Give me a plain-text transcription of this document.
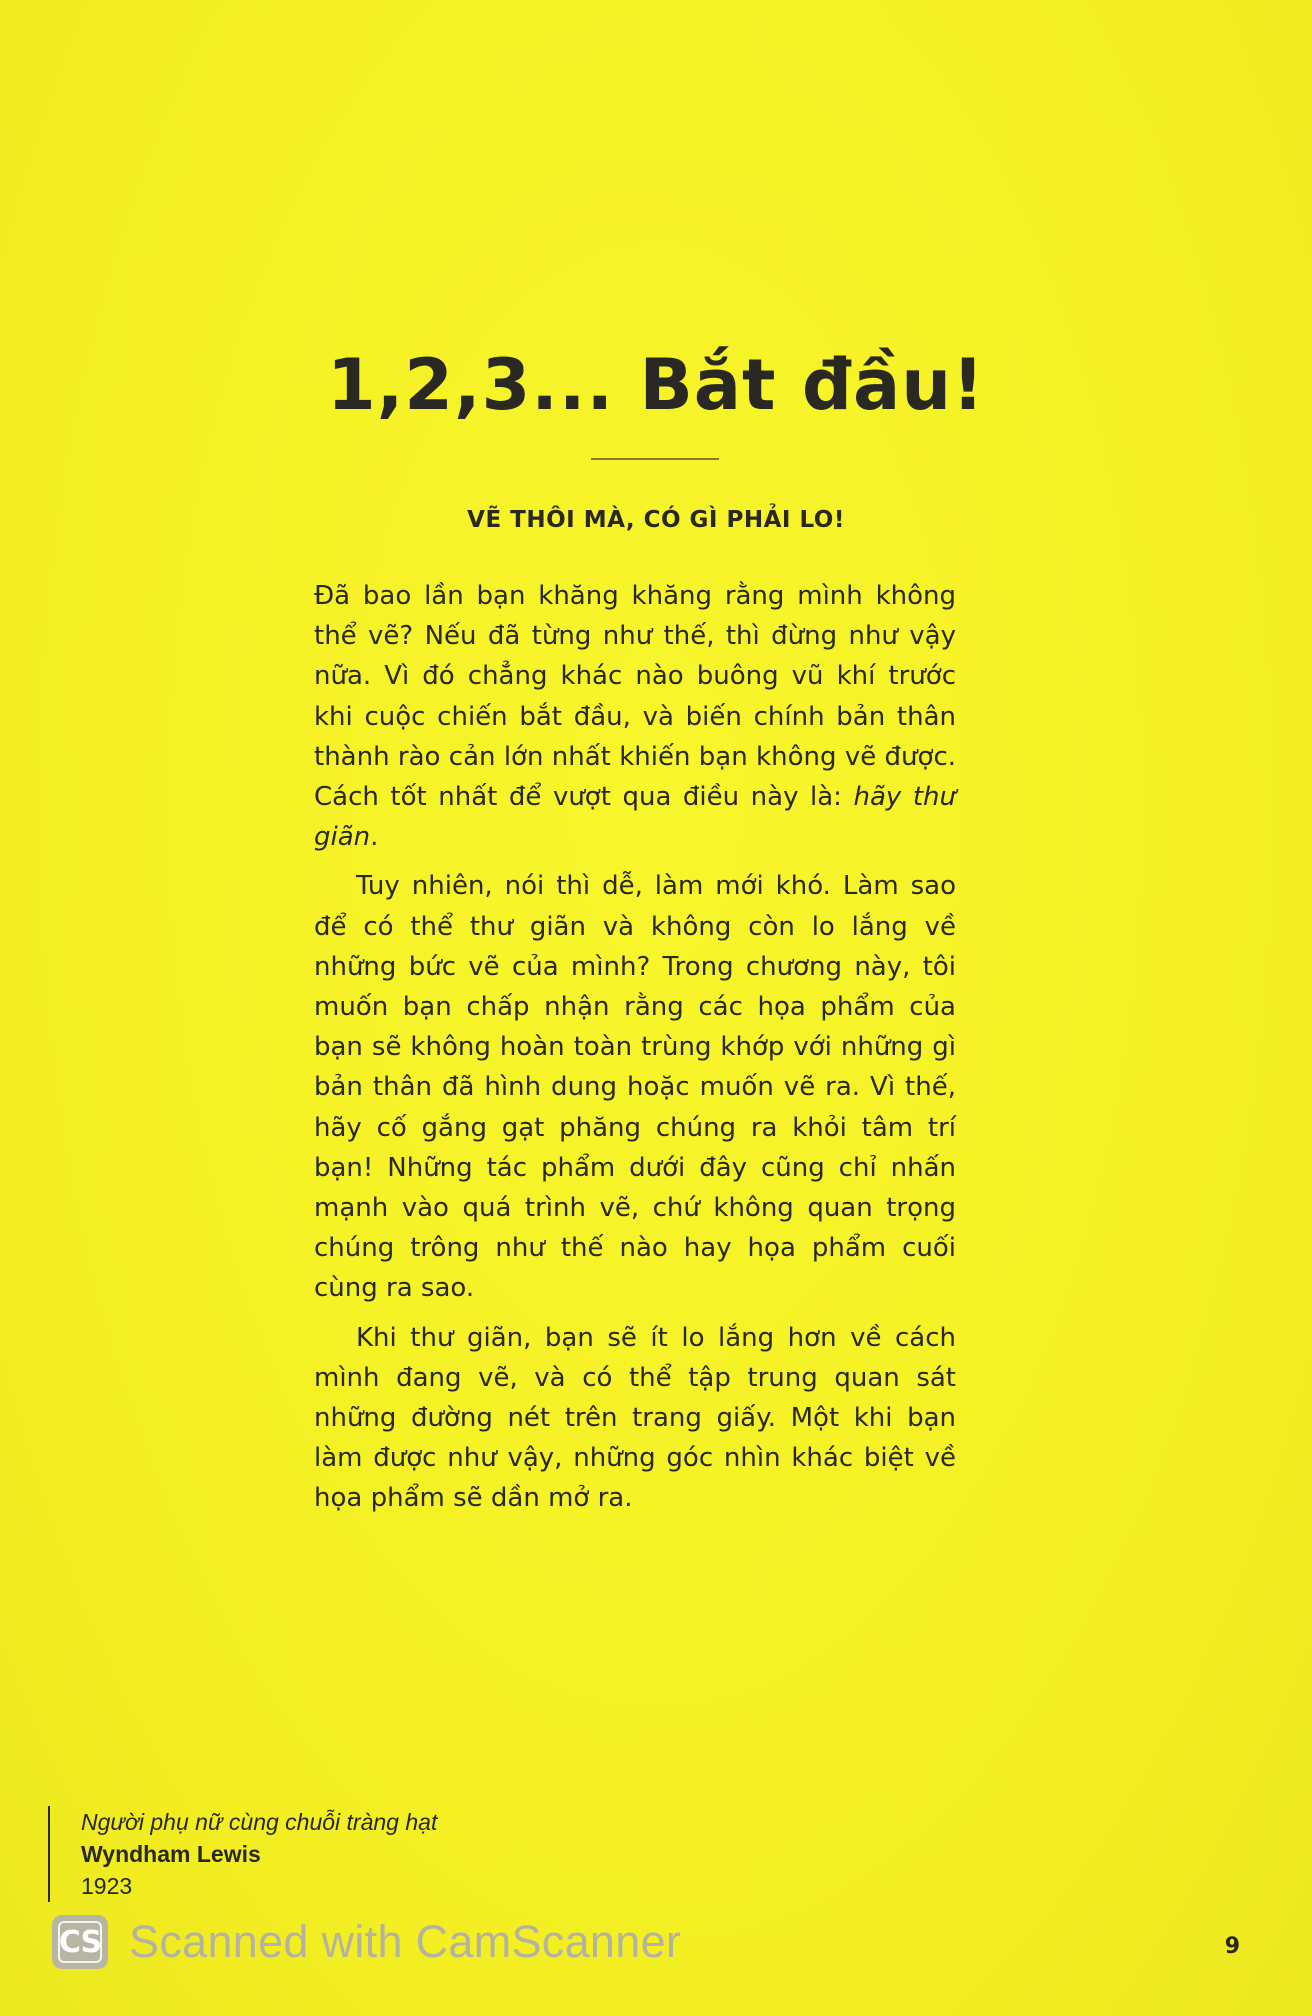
1,2,3... Bắt đầu!
VẼ THÔI MÀ, CÓ GÌ PHẢI LO!

Đã bao lần bạn khăng khăng rằng mình không thể vẽ? Nếu đã từng như thế, thì đừng như vậy nữa. Vì đó chẳng khác nào buông vũ khí trước khi cuộc chiến bắt đầu, và biến chính bản thân thành rào cản lớn nhất khiến bạn không vẽ được. Cách tốt nhất để vượt qua điều này là: hãy thư giãn.

Tuy nhiên, nói thì dễ, làm mới khó. Làm sao để có thể thư giãn và không còn lo lắng về những bức vẽ của mình? Trong chương này, tôi muốn bạn chấp nhận rằng các họa phẩm của bạn sẽ không hoàn toàn trùng khớp với những gì bản thân đã hình dung hoặc muốn vẽ ra. Vì thế, hãy cố gắng gạt phăng chúng ra khỏi tâm trí bạn! Những tác phẩm dưới đây cũng chỉ nhấn mạnh vào quá trình vẽ, chứ không quan trọng chúng trông như thế nào hay họa phẩm cuối cùng ra sao.

Khi thư giãn, bạn sẽ ít lo lắng hơn về cách mình đang vẽ, và có thể tập trung quan sát những đường nét trên trang giấy. Một khi bạn làm được như vậy, những góc nhìn khác biệt về họa phẩm sẽ dần mở ra.

Người phụ nữ cùng chuỗi tràng hạt
Wyndham Lewis
1923
CS Scanned with CamScanner	9
